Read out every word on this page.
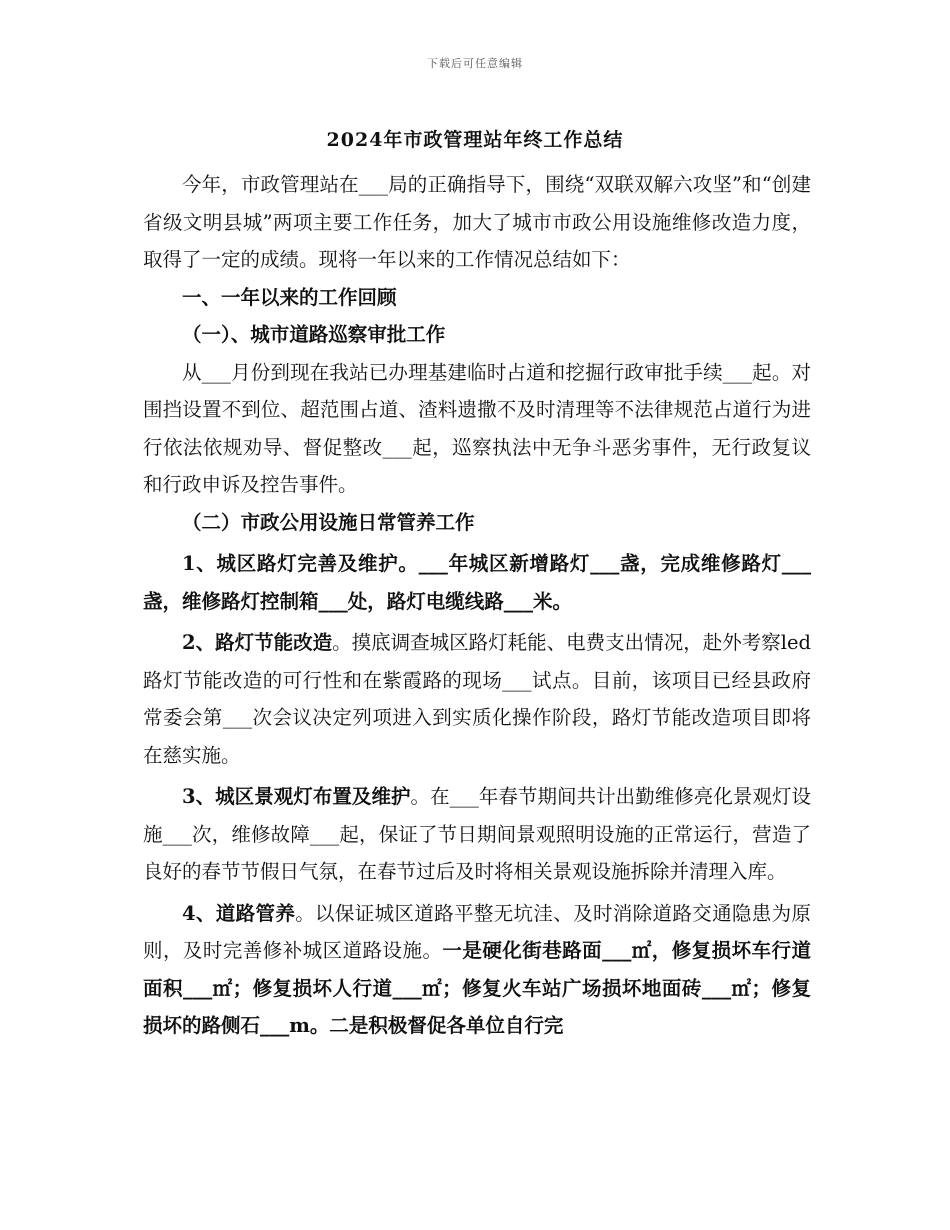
下载后可任意编辑
2024年市政管理站年终工作总结

今年，市政管理站在___局的正确指导下，围绕“双联双解六攻坚”和“创建省级文明县城”两项主要工作任务，加大了城市市政公用设施维修改造力度，取得了一定的成绩。现将一年以来的工作情况总结如下：

一、一年以来的工作回顾

（一）、城市道路巡察审批工作

从___月份到现在我站已办理基建临时占道和挖掘行政审批手续___起。对围挡设置不到位、超范围占道、渣料遗撒不及时清理等不法律规范占道行为进行依法依规劝导、督促整改___起，巡察执法中无争斗恶劣事件，无行政复议和行政申诉及控告事件。

（二）市政公用设施日常管养工作

1、城区路灯完善及维护。___年城区新增路灯___盏，完成维修路灯___盏，维修路灯控制箱___处，路灯电缆线路___米。

2、路灯节能改造。摸底调查城区路灯耗能、电费支出情况，赴外考察led路灯节能改造的可行性和在紫霞路的现场___试点。目前，该项目已经县政府常委会第___次会议决定列项进入到实质化操作阶段，路灯节能改造项目即将在慈实施。

3、城区景观灯布置及维护。在___年春节期间共计出勤维修亮化景观灯设施___次，维修故障___起，保证了节日期间景观照明设施的正常运行，营造了良好的春节节假日气氛，在春节过后及时将相关景观设施拆除并清理入库。

4、道路管养。以保证城区道路平整无坑洼、及时消除道路交通隐患为原则，及时完善修补城区道路设施。一是硬化街巷路面___㎡，修复损坏车行道面积___㎡；修复损坏人行道___㎡；修复火车站广场损坏地面砖___㎡；修复损坏的路侧石___m。二是积极督促各单位自行完
